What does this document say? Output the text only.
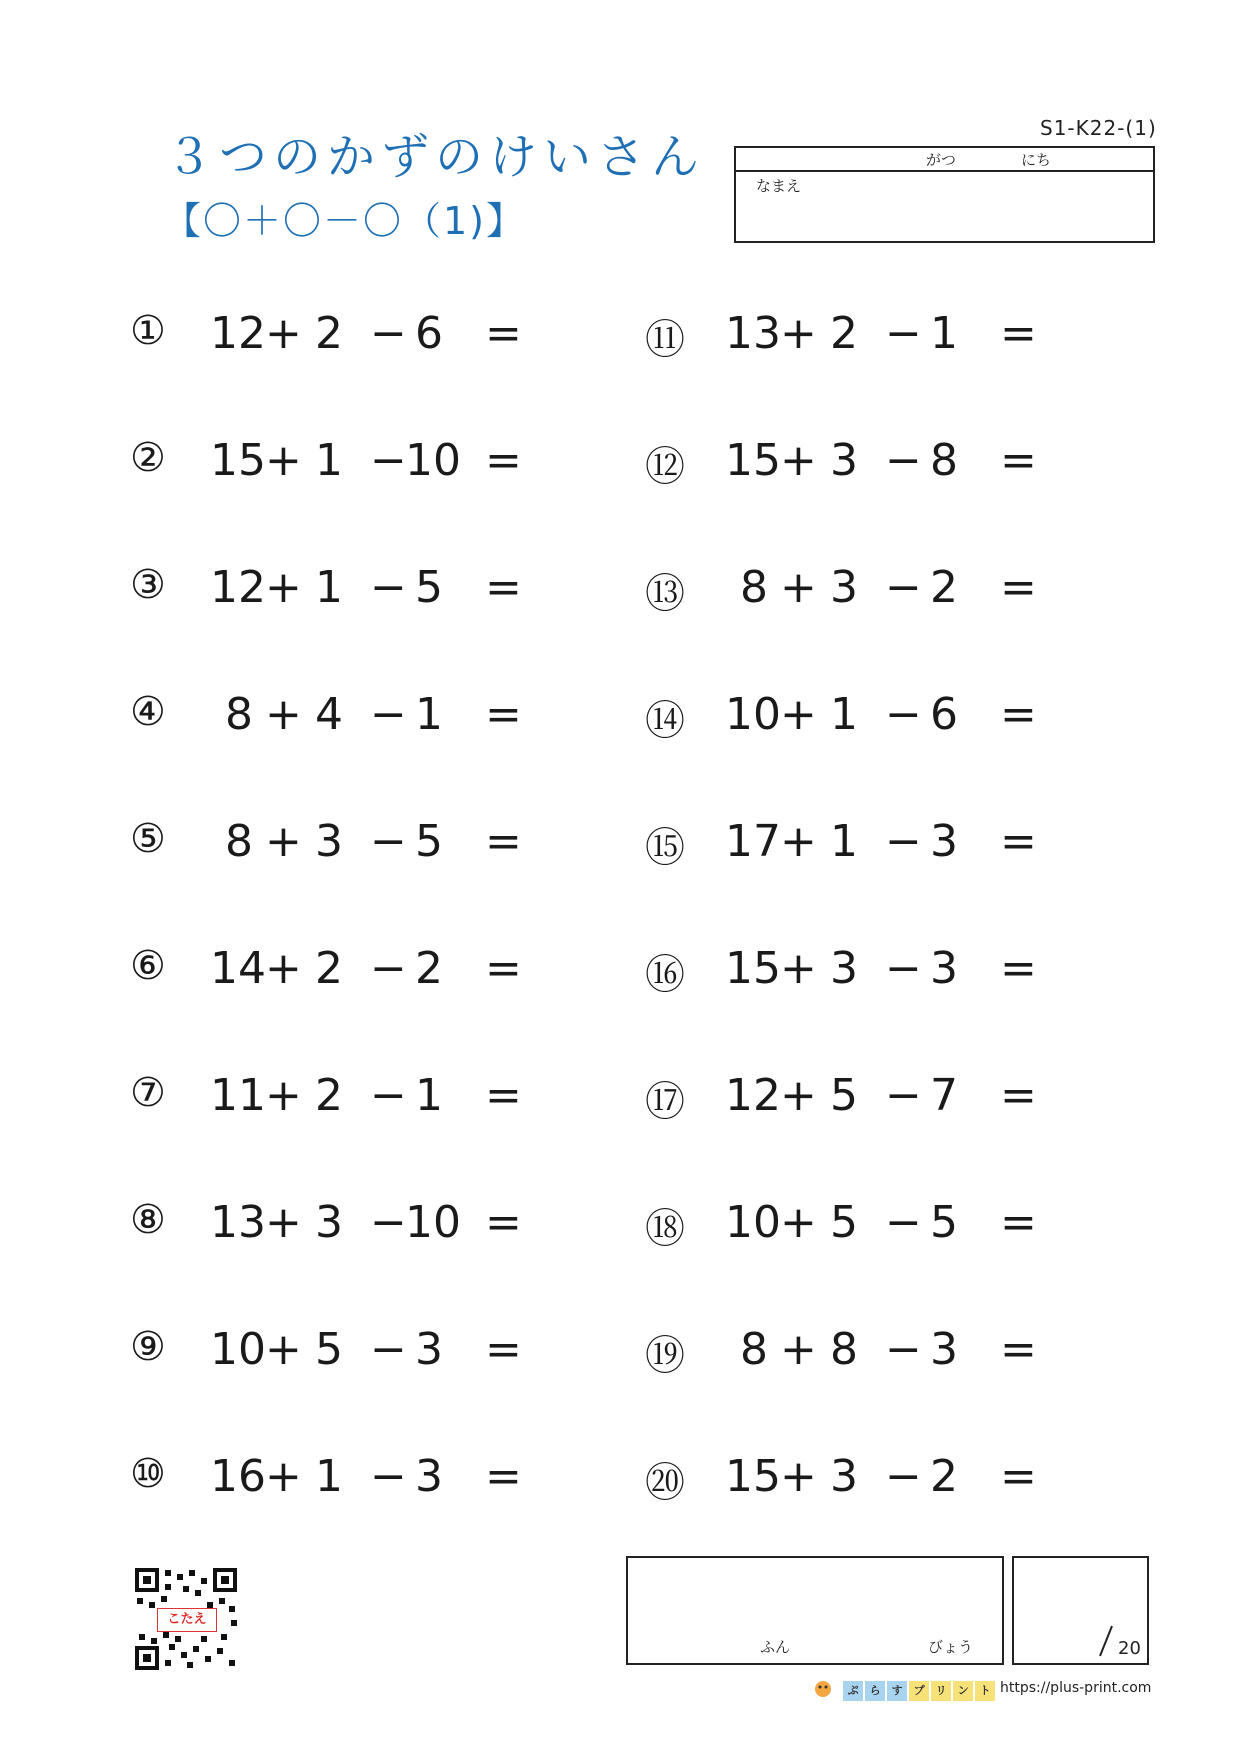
３つのかずのけいさん
【〇＋〇－〇（1)】
S1-K22-(1)
がつ	にち
なまえ
① 12 + 2 − 6 =
② 15 + 1 −
10 =
③ 12 + 1 − 5 =
④ 8 + 4 − 1 =
⑤ 8 + 3 − 5 =
⑥ 14 + 2 − 2 =
⑦ 11 + 2 − 1 =
⑧ 13 + 3 −
10 =
⑨ 10 + 5 − 3 =
⑩ 16 + 1 − 3 =
⑪ 13 + 2 − 1 =
⑫ 15 + 3 − 8 =
⑬ 8 + 3 − 2 =
⑭ 10 + 1 − 6 =
⑮ 17 + 1 − 3 =
⑯ 15 + 3 − 3 =
⑰ 12 + 5 − 7 =
⑱ 10 + 5 − 5 =
⑲ 8 + 8 − 3 =
⑳ 15 + 3 − 2 =
こたえ
ふん	びょう	20
ぷ ら す プ リ ン ト https://plus-print.com
